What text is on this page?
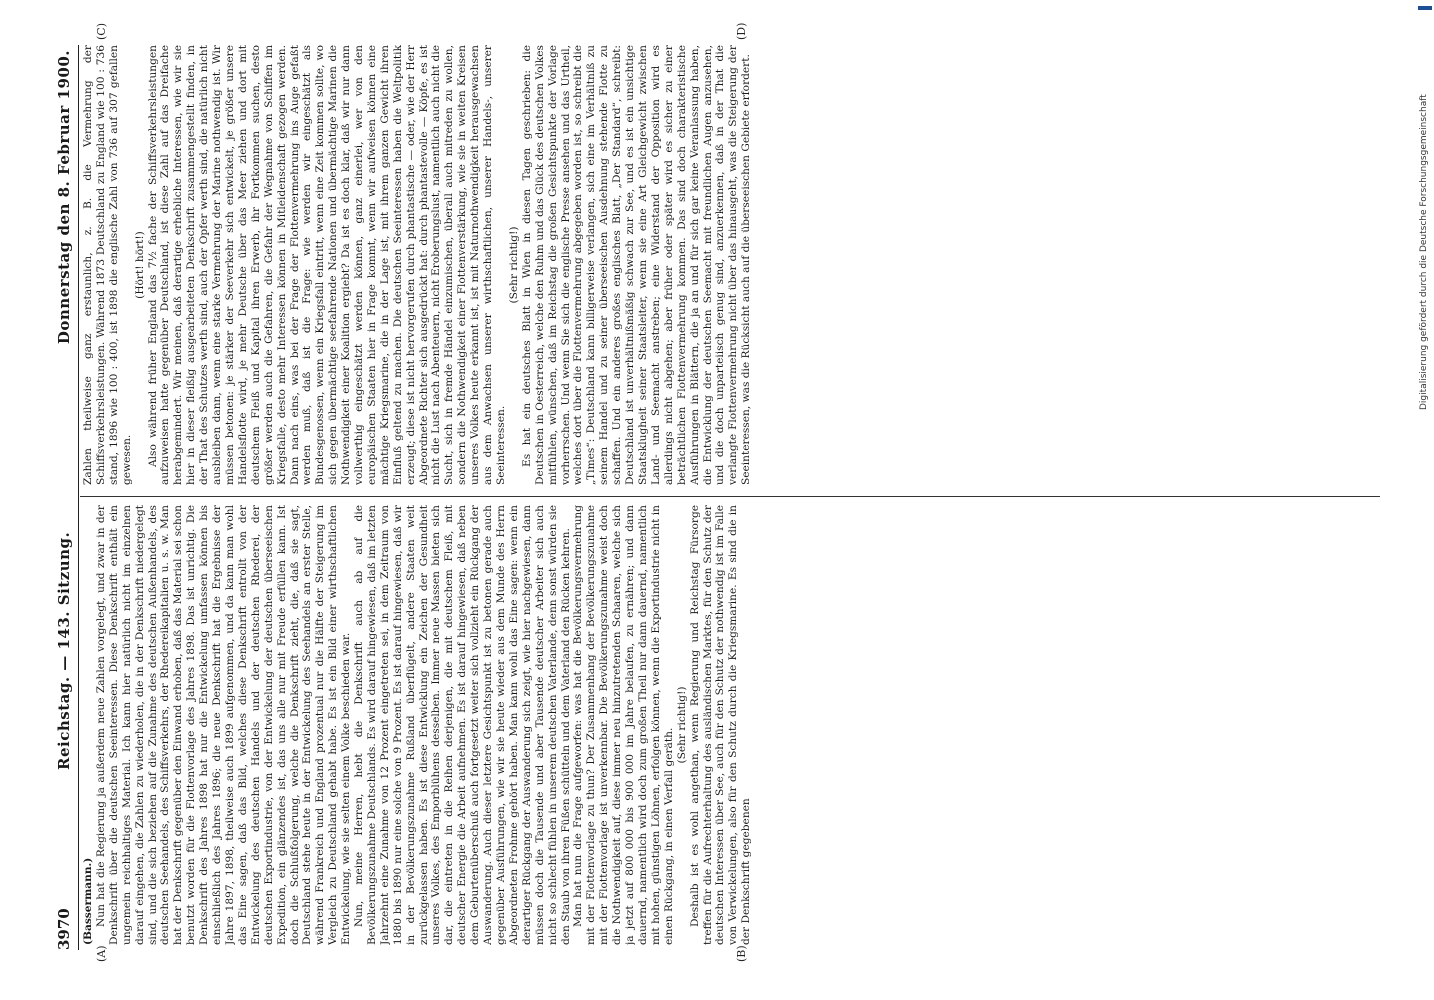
3970
Reichstag. — 143. Sitzung.
Donnerstag den 8. Februar 1900.
(A)	(B)
(C)	(D)

(Bassermann.) Nun hat die Regierung ja außerdem neue Zahlen vorgelegt, und zwar in der Denkschrift über die deutschen Seeinteressen. Diese Denkschrift enthält ein ungemein reichhaltiges Material. Ich kann hier natürlich nicht im einzelnen darauf eingehen, die Zahlen zu wiederholen, die in der Denkschrift niedergelegt sind, und die sich beziehen auf die Zunahme des deutschen Außenhandels, des deutschen Seehandels, des Schiffsverkehrs, der Rhedereikapitalien u. s. w. Man hat der Denkschrift gegenüber den Einwand erhoben, daß das Material sei schon benutzt worden für die Flottenvorlage des Jahres 1898. Das ist unrichtig. Die Denkschrift des Jahres 1898 hat nur die Entwickelung umfassen können bis einschließlich des Jahres 1896; die neue Denkschrift hat die Ergebnisse der Jahre 1897, 1898, theilweise auch 1899 aufgenommen, und da kann man wohl das Eine sagen, daß das Bild, welches diese Denkschrift entrollt von der Entwickelung des deutschen Handels und der deutschen Rhederei, der deutschen Exportindustrie, von der Entwickelung der deutschen überseeischen Expedition, ein glänzendes ist, das uns alle nur mit Freude erfüllen kann. Ist doch die Schlußfolgerung, welche die Denkschrift zieht, die, daß sie sagt, Deutschland stehe heute in der Entwickelung des Seehandels an erster Stelle, während Frankreich und England prozentual nur die Hälfte der Steigerung im Vergleich zu Deutschland gehabt habe. Es ist ein Bild einer wirthschaftlichen Entwickelung, wie sie selten einem Volke beschieden war. Nun, meine Herren, hebt die Denkschrift auch ab auf die Bevölkerungszunahme Deutschlands. Es wird darauf hingewiesen, daß im letzten Jahrzehnt eine Zunahme von 12 Prozent eingetreten sei, in dem Zeitraum von 1880 bis 1890 nur eine solche von 9 Prozent. Es ist darauf hingewiesen, daß wir in der Bevölkerungszunahme Rußland überflügelt, andere Staaten weit zurückgelassen haben. Es ist diese Entwicklung ein Zeichen der Gesundheit unseres Volkes, des Emporblühens desselben. Immer neue Massen bieten sich dar, die eintreten in die Reihen derjenigen, die mit deutschem Fleiß, mit deutscher Energie die Arbeit aufnehmen. Es ist darauf hingewiesen, daß neben dem Geburtenüberschuß auch fortgesetzt weiter sich vollzieht ein Rückgang der Auswanderung. Auch dieser letztere Gesichtspunkt ist zu betonen gerade auch gegenüber Ausführungen, wie wir sie heute wieder aus dem Munde des Herrn Abgeordneten Frohme gehört haben. Man kann wohl das Eine sagen: wenn ein derartiger Rückgang der Auswanderung sich zeigt, wie hier nachgewiesen, dann müssen doch die Tausende und aber Tausende deutscher Arbeiter sich auch nicht so schlecht fühlen in unserem deutschen Vaterlande, denn sonst würden sie den Staub von ihren Füßen schütteln und dem Vaterland den Rücken kehren. Man hat nun die Frage aufgeworfen: was hat die Bevölkerungsvermehrung mit der Flottenvorlage zu thun? Der Zusammenhang der Bevölkerungszunahme mit der Flottenvorlage ist unverkennbar. Die Bevölkerungszunahme weist doch die Nothwendigkeit auf, diese immer neu hinzutretenden Schaaren, welche sich ja jetzt auf 800 000 bis 900 000 im Jahre belaufen, zu ernähren; und dann dauernd, namentlich wird doch zum großen Theil nur dann dauernd, namentlich mit hohen, günstigen Löhnen, erfolgen können, wenn die Exportindustrie nicht in einen Rückgang, in einen Verfall geräth.

(Sehr richtig!) Deshalb ist es wohl angethan, wenn Regierung und Reichstag Fürsorge treffen für die Aufrechterhaltung des ausländischen Marktes, für den Schutz der deutschen Interessen über See, auch für den Schutz der nothwendig ist im Falle von Verwickelungen, also für den Schutz durch die Kriegsmarine. Es sind die in der Denkschrift gegebenen

Zahlen theilweise ganz erstaunlich, z. B. die Vermehrung der Schiffsverkehrsleistungen. Während 1873 Deutschland zu England wie 100 : 736 stand, 1896 wie 100 : 400, ist 1898 die englische Zahl von 736 auf 307 gefallen gewesen.

(Hört! hört!) Also während früher England das 7½ fache der Schiffsverkehrsleistungen aufzuweisen hatte gegenüber Deutschland, ist diese Zahl auf das Dreifache herabgemindert. Wir meinen, daß derartige erhebliche Interessen, wie wir sie hier in dieser fleißig ausgearbeiteten Denkschrift zusammengestellt finden, in der That des Schutzes werth sind, auch der Opfer werth sind, die natürlich nicht ausbleiben dann, wenn eine starke Vermehrung der Marine nothwendig ist. Wir müssen betonen: je stärker der Seeverkehr sich entwickelt, je größer unsere Handelsflotte wird, je mehr Deutsche über das Meer ziehen und dort mit deutschem Fleiß und Kapital ihren Erwerb, ihr Fortkommen suchen, desto größer werden auch die Gefahren, die Gefahr der Wegnahme von Schiffen im Kriegsfalle, desto mehr Interessen können in Mitleidenschaft gezogen werden. Dann nach eins, was bei der Frage der Flottenvermehrung ins Auge gefaßt werden muß, daß ist die Frage: wie werden wir eingeschätzt als Bundesgenossen, wenn ein Kriegsfall eintritt, wenn eine Zeit kommen sollte, wo sich gegen übermächtige seefahrende Nationen und übermächtige Marinen die Nothwendigkeit einer Koalition ergiebt? Da ist es doch klar, daß wir nur dann vollwerthig eingeschätzt werden können, ganz einerlei, wer von den europäischen Staaten hier in Frage kommt, wenn wir aufweisen können eine mächtige Kriegsmarine, die in der Lage ist, mit ihrem ganzen Gewicht ihren Einfluß geltend zu machen. Die deutschen Seeinteressen haben die Weltpolitik erzeugt; diese ist nicht hervorgerufen durch phantastische — oder, wie der Herr Abgeordnete Richter sich ausgedrückt hat: durch phantastevolle — Köpfe, es ist nicht die Lust nach Abenteuern, nicht Eroberungslust, namentlich auch nicht die Sucht, sich in fremde Händel einzumischen, überall auch mitreden zu wollen, sondern die Nothwendigkeit einer Flottenverstärkung, wie sie in weiten Kreisen unseres Volkes heute erkannt ist, ist mit Naturnothwendigkeit herausgewachsen aus dem Anwachsen unserer wirthschaftlichen, unserer Handels-, unserer Seeinteressen.

(Sehr richtig!) Es hat ein deutsches Blatt in Wien in diesen Tagen geschrieben: die Deutschen in Oesterreich, welche den Ruhm und das Glück des deutschen Volkes mitfühlen, wünschen, daß im Reichstag die großen Gesichtspunkte der Vorlage vorherrschen. Und wenn Sie sich die englische Presse ansehen und das Urtheil, welches dort über die Flottenvermehrung abgegeben worden ist, so schreibt die „Times“: Deutschland kann billigerweise verlangen, sich eine im Verhältniß zu seinem Handel und zu seiner überseeischen Ausdehnung stehende Flotte zu schaffen. Und ein anderes großes englisches Blatt, „Der Standard“, schreibt: Deutschland ist unverhältnißmäßig schwach zur See, und es ist ein unsichtige Staatsklugheit seiner Staatsleiter, wenn sie eine Art Gleichgewicht zwischen Land- und Seemacht anstreben; eine Widerstand der Opposition wird es allerdings nicht abgehen; aber früher oder später wird es sicher zu einer beträchtlichen Flottenvermehrung kommen. Das sind doch charakteristische Ausführungen in Blättern, die ja an und für sich gar keine Veranlassung haben, die Entwicklung der deutschen Seemacht mit freundlichen Augen anzusehen, und die doch unparteiisch genug sind, anzuerkennen, daß in der That die verlangte Flottenvermehrung nicht über das hinausgeht, was die Steigerung der Seeinteressen, was die Rücksicht auch auf die überseeischen Gebiete erfordert.	Digitalisierung gefördert durch die Deutsche Forschungsgemeinschaft
